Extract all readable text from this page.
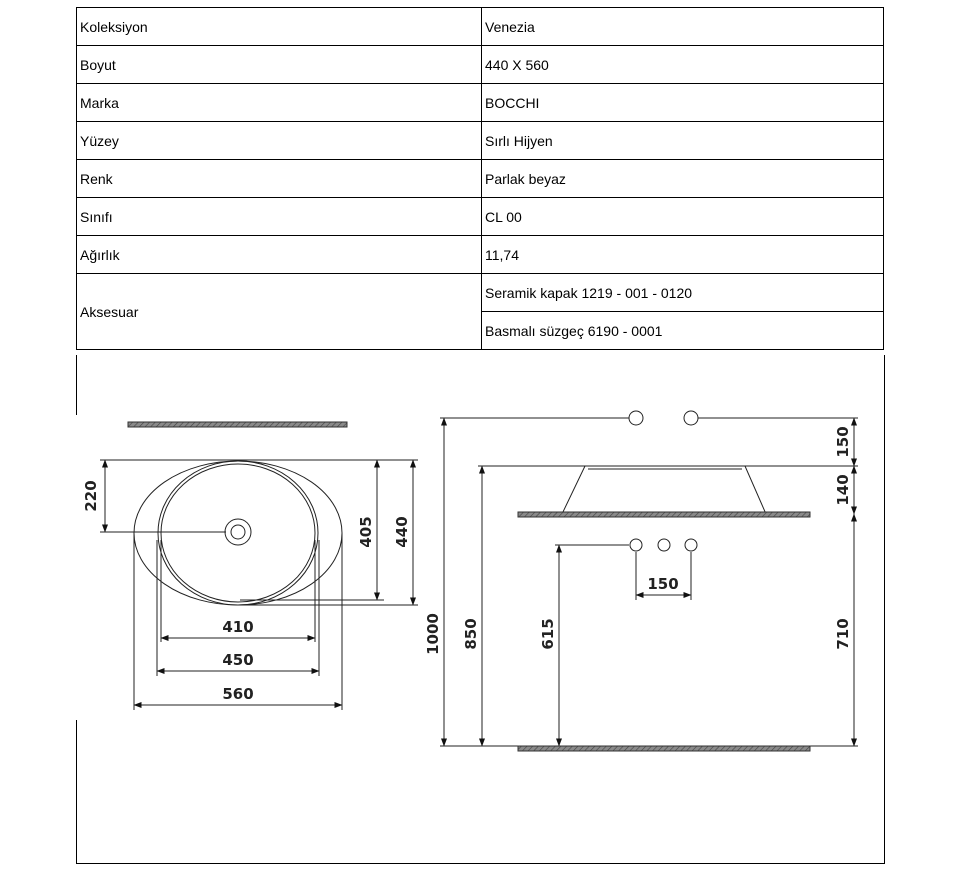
Koleksiyon	Venezia
Boyut	440 X 560
Marka	BOCCHI
Yüzey	Sırlı Hijyen
Renk	Parlak beyaz
Sınıfı	CL 00
Ağırlık	11,74
Aksesuar	Seramik kapak 1219 - 001 - 0120
	Basmalı süzgeç 6190 - 0001
220
405 440
410
450
560
150
140
150
1000 850	615	710
